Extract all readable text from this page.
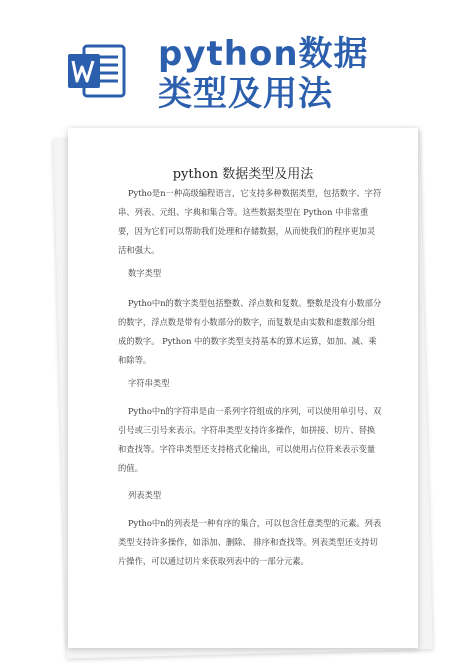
python数据
类型及用法
python 数据类型及用法

Pytho是n一种高级编程语言，它支持多种数据类型，包括数字、字符串、列表、元组、字典和集合等。这些数据类型在 Python 中非常重要，因为它们可以帮助我们处理和存储数据，从而使我们的程序更加灵活和强大。

数字类型

Pytho中n的数字类型包括整数、浮点数和复数。整数是没有小数部分的数字，浮点数是带有小数部分的数字，而复数是由实数和虚数部分组成的数字。 Python 中的数字类型支持基本的算术运算，如加、减、乘和除等。

字符串类型

Pytho中n的字符串是由一系列字符组成的序列，可以使用单引号、双引号或三引号来表示。字符串类型支持许多操作，如拼接、切片、替换和查找等。字符串类型还支持格式化输出，可以使用占位符来表示变量的值。

列表类型

Pytho中n的列表是一种有序的集合，可以包含任意类型的元素。列表类型支持许多操作，如添加、删除、 排序和查找等。列表类型还支持切片操作，可以通过切片来获取列表中的一部分元素。
